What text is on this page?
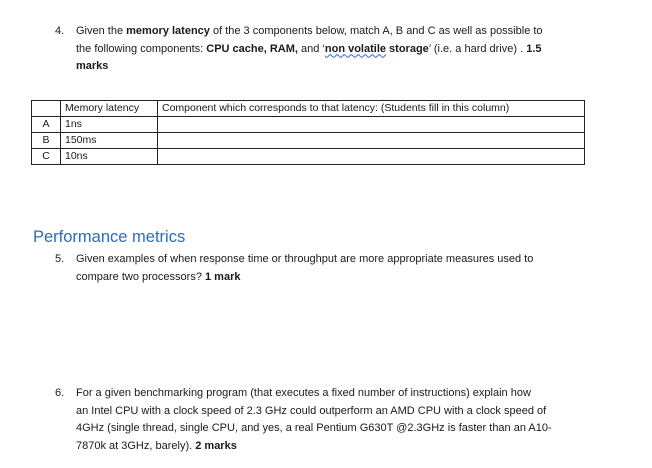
4. Given the memory latency of the 3 components below, match A, B and C as well as possible to
the following components: CPU cache, RAM, and ‘non volatile storage’ (i.e. a hard drive) . 1.5
marks
	Memory latency	Component which corresponds to that latency: (Students fill in this column)
A	1ns	
B	150ms	
C	10ns	
Performance metrics
5. Given examples of when response time or throughput are more appropriate measures used to
compare two processors? 1 mark
6. For a given benchmarking program (that executes a fixed number of instructions) explain how
an Intel CPU with a clock speed of 2.3 GHz could outperform an AMD CPU with a clock speed of
4GHz (single thread, single CPU, and yes, a real Pentium G630T @2.3GHz is faster than an A10-
7870k at 3GHz, barely). 2 marks
